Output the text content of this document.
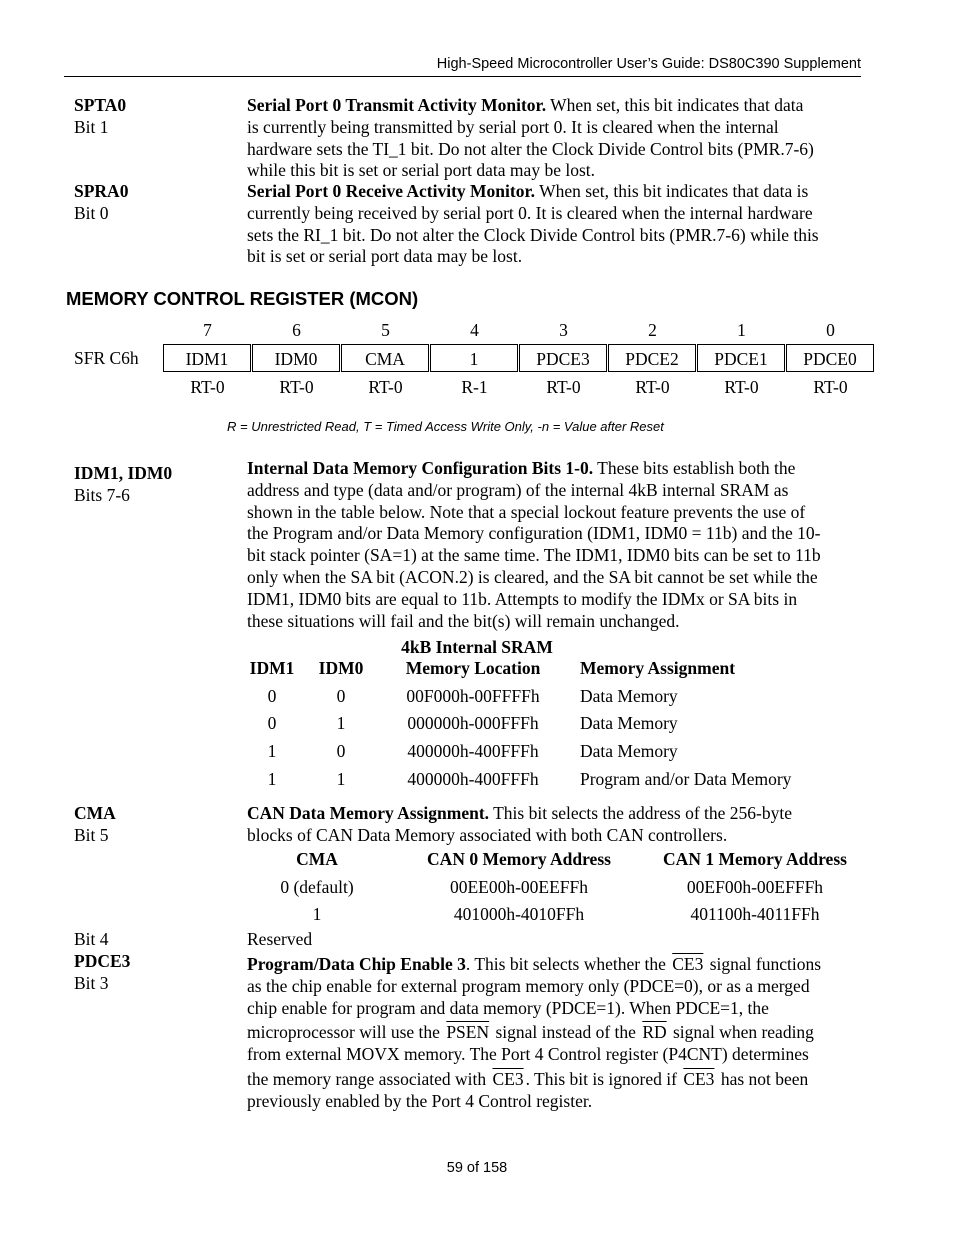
High-Speed Microcontroller User’s Guide: DS80C390 Supplement
SPTA0
Bit 1
Serial Port 0 Transmit Activity Monitor. When set, this bit indicates that data
is currently being transmitted by serial port 0. It is cleared when the internal
hardware sets the TI_1 bit. Do not alter the Clock Divide Control bits (PMR.7-6)
while this bit is set or serial port data may be lost.
SPRA0
Bit 0
Serial Port 0 Receive Activity Monitor. When set, this bit indicates that data is
currently being received by serial port 0. It is cleared when the internal hardware
sets the RI_1 bit. Do not alter the Clock Divide Control bits (PMR.7-6) while this
bit is set or serial port data may be lost.
MEMORY CONTROL REGISTER (MCON)
7	6	5	4	3	2	1	0
SFR C6h	IDM1	IDM0	CMA	1	PDCE3	PDCE2	PDCE1	PDCE0
RT-0	RT-0	RT-0	R-1	RT-0	RT-0	RT-0	RT-0
R = Unrestricted Read, T = Timed Access Write Only, -n = Value after Reset
IDM1, IDM0
Bits 7-6
Internal Data Memory Configuration Bits 1-0. These bits establish both the
address and type (data and/or program) of the internal 4kB internal SRAM as
shown in the table below. Note that a special lockout feature prevents the use of
the Program and/or Data Memory configuration (IDM1, IDM0 = 11b) and the 10-
bit stack pointer (SA=1) at the same time. The IDM1, IDM0 bits can be set to 11b
only when the SA bit (ACON.2) is cleared, and the SA bit cannot be set while the
IDM1, IDM0 bits are equal to 11b. Attempts to modify the IDMx or SA bits in
these situations will fail and the bit(s) will remain unchanged.
4kB Internal SRAM
IDM1 IDM0	Memory Location	Memory Assignment
0	0	00F000h-00FFFFh	Data Memory
0	1	000000h-000FFFh	Data Memory
1	0	400000h-400FFFh	Data Memory
1	1	400000h-400FFFh	Program and/or Data Memory
CMA
Bit 5
CAN Data Memory Assignment. This bit selects the address of the 256-byte
blocks of CAN Data Memory associated with both CAN controllers.
CMA	CAN 0 Memory Address	CAN 1 Memory Address
0 (default)	00EE00h-00EEFFh	00EF00h-00EFFFh
1	401000h-4010FFh	401100h-4011FFh
Bit 4	Reserved
PDCE3
Bit 3
Program/Data Chip Enable 3. This bit selects whether the CE3 signal functions
as the chip enable for external program memory only (PDCE=0), or as a merged
chip enable for program and data memory (PDCE=1). When PDCE=1, the
microprocessor will use the PSEN signal instead of the $\overline{RD}$ signal when reading
from external MOVX memory. The Port 4 Control register (P4CNT) determines
the memory range associated with CE3 . This bit is ignored if CE3 has not been
previously enabled by the Port 4 Control register.
59 of 158
